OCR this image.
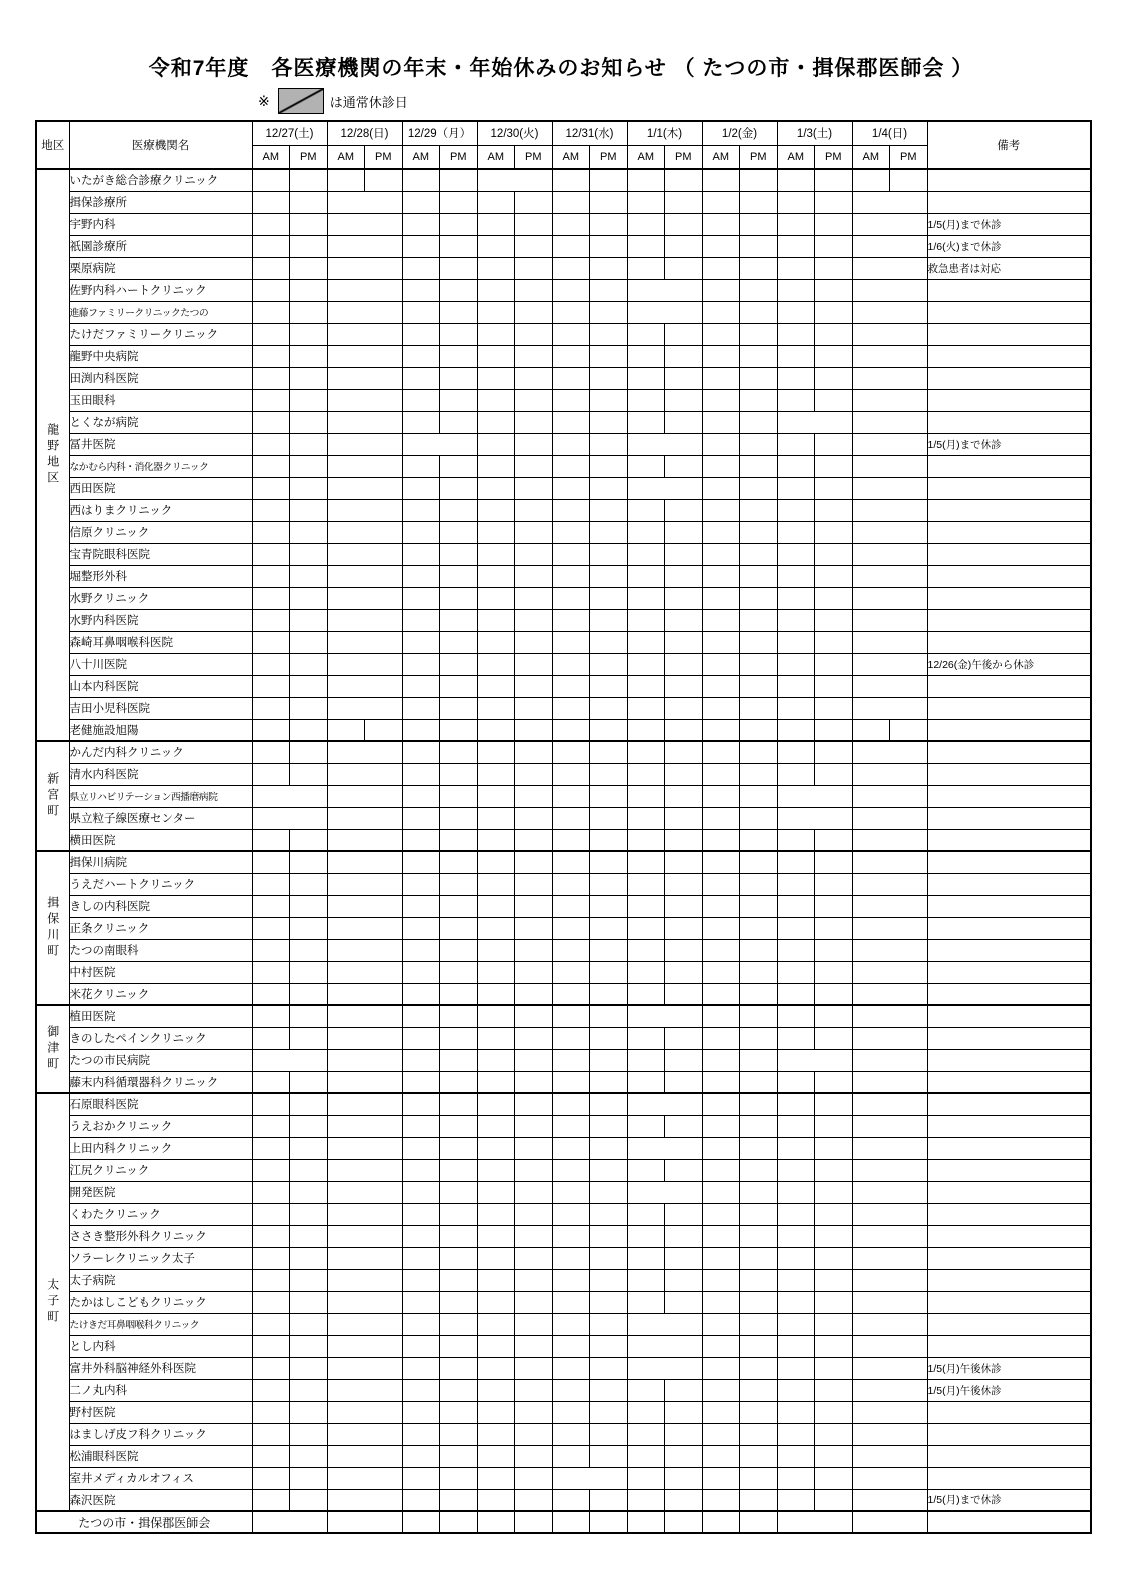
令和7年度　各医療機関の年末・年始休みのお知らせ （ たつの市・揖保郡医師会 ）
※	は通常休診日
地区	医療機関名	12/27(土)		12/28(日)		12/29（月）		12/30(火)		12/31(水)		1/1(木)		1/2(金)		1/3(土)		1/4(日)		備考
		AM	PM	AM	PM	AM	PM	AM	PM	AM	PM	AM	PM	AM	PM	AM	PM	AM	PM	
龍野地区	いたがき総合診療クリニック																			
	揖保診療所																			
	宇野内科																			1/5(月)まで休診
	祇園診療所																			1/6(火)まで休診
	栗原病院																			救急患者は対応
	佐野内科ハートクリニック																			
	進藤ファミリークリニックたつの																			
	たけだファミリークリニック																			
	龍野中央病院																			
	田渕内科医院																			
	玉田眼科																			
	とくなが病院																			
	冨井医院																			1/5(月)まで休診
	なかむら内科・消化器クリニック																			
	西田医院																			
	西はりまクリニック																			
	信原クリニック																			
	宝青院眼科医院																			
	堀整形外科																			
	水野クリニック																			
	水野内科医院																			
	森崎耳鼻咽喉科医院																			
	八十川医院																			12/26(金)午後から休診
	山本内科医院																			
	吉田小児科医院																			
	老健施設旭陽																			
新宮町	かんだ内科クリニック																			
	清水内科医院																			
	県立リハビリテーション西播磨病院																			
	県立粒子線医療センター																			
	横田医院																			
揖保川町	揖保川病院																			
	うえだハートクリニック																			
	きしの内科医院																			
	正条クリニック																			
	たつの南眼科																			
	中村医院																			
	米花クリニック																			
御津町	植田医院																			
	きのしたペインクリニック																			
	たつの市民病院																			
	藤末内科循環器科クリニック																			
太子町	石原眼科医院																			
	うえおかクリニック																			
	上田内科クリニック																			
	江尻クリニック																			
	開発医院																			
	くわたクリニック																			
	ささき整形外科クリニック																			
	ソラーレクリニック太子																			
	太子病院																			
	たかはしこどもクリニック																			
	たけきだ耳鼻咽喉科クリニック																			
	とし内科																			
	富井外科脳神経外科医院																			1/5(月)午後休診
	二ノ丸内科																			1/5(月)午後休診
	野村医院																			
	はましげ皮フ科クリニック																			
	松浦眼科医院																			
	室井メディカルオフィス																			
	森沢医院																			1/5(月)まで休診
たつの市・揖保郡医師会																				
